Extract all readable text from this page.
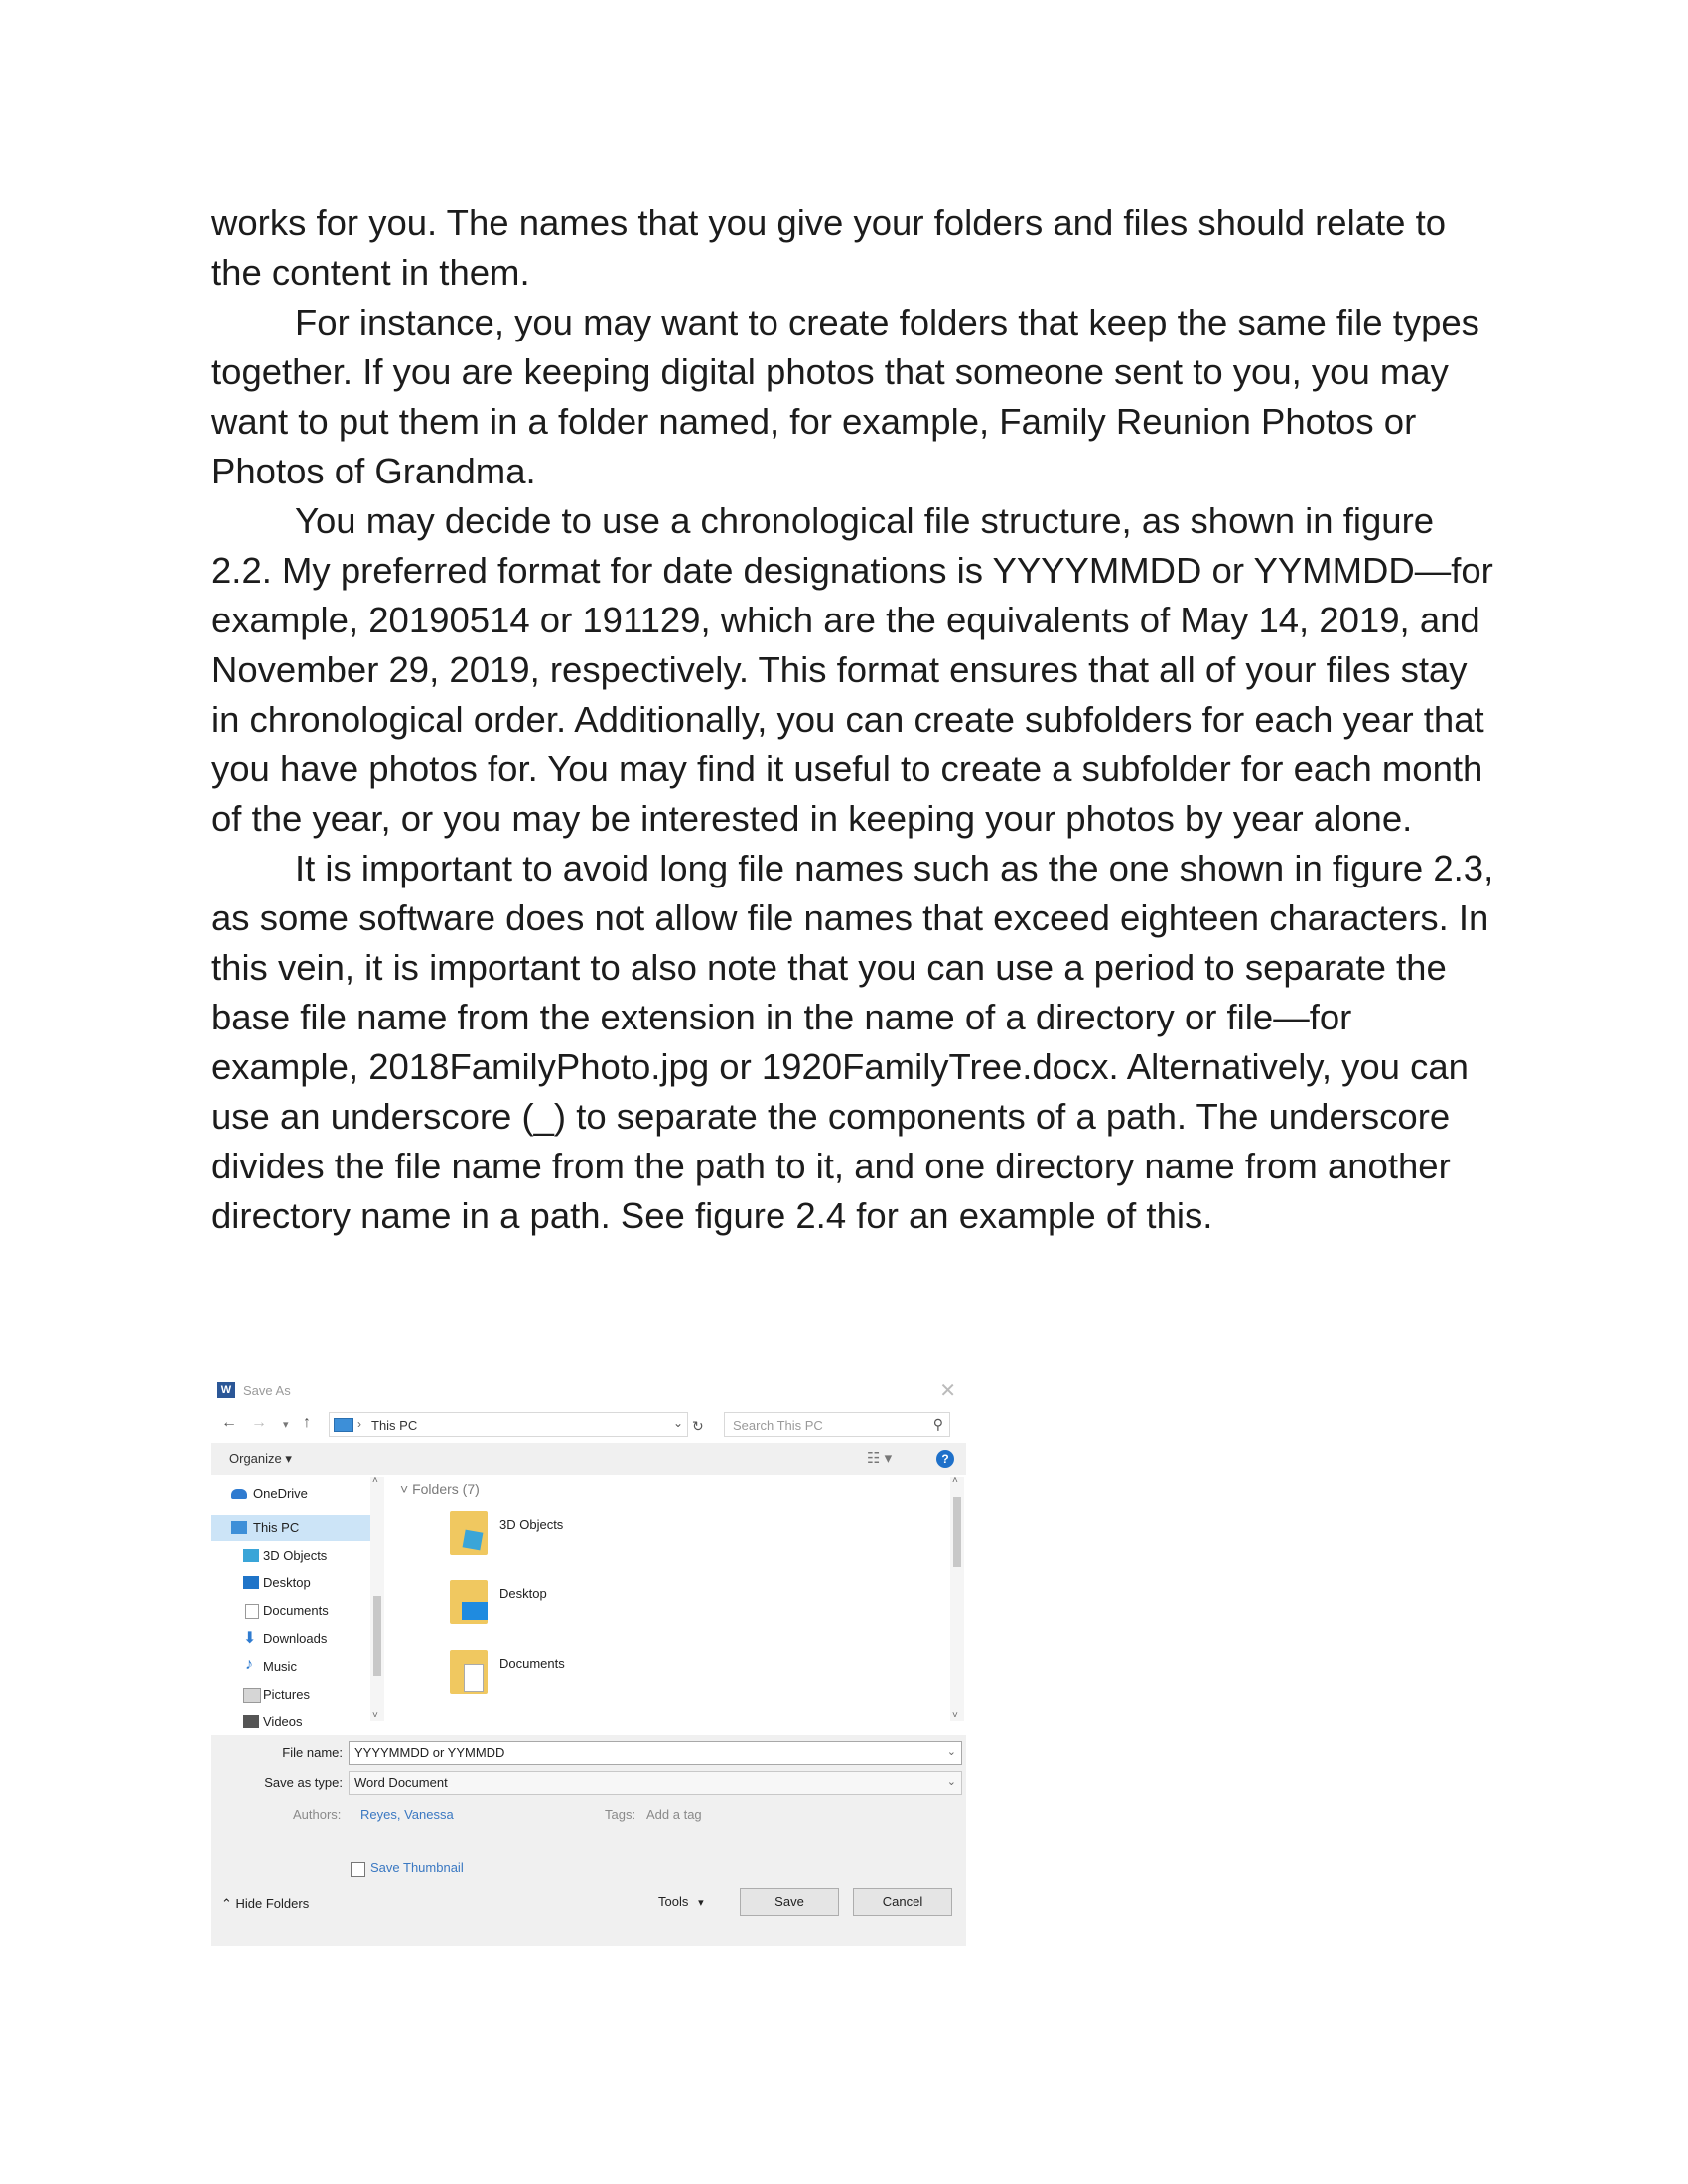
works for you. The names that you give your folders and files should relate to the content in them.

For instance, you may want to create folders that keep the same file types together. If you are keeping digital photos that someone sent to you, you may want to put them in a folder named, for example, Family Reunion Photos or Photos of Grandma.

You may decide to use a chronological file structure, as shown in figure 2.2. My preferred format for date designations is YYYYMMDD or YYMMDD—for example, 20190514 or 191129, which are the equivalents of May 14, 2019, and November 29, 2019, respectively. This format ensures that all of your files stay in chronological order. Additionally, you can create subfolders for each year that you have photos for. You may find it useful to create a subfolder for each month of the year, or you may be interested in keeping your photos by year alone.

It is important to avoid long file names such as the one shown in figure 2.3, as some software does not allow file names that exceed eighteen characters. In this vein, it is important to also note that you can use a period to separate the base file name from the extension in the name of a directory or file—for example, 2018FamilyPhoto.jpg or 1920FamilyTree.docx. Alternatively, you can use an underscore (_) to separate the components of a path. The underscore divides the file name from the path to it, and one directory name from another directory name in a path. See figure 2.4 for an example of this.

W Save As	✕
← → ▾ ↑	› This PC	⌄ ↻ Search This PC	⚲
Organize ▾	☷ ▾	?
OneDrive
This PC
3D Objects
Desktop
Documents
⬇ Downloads
♪ Music
Pictures
Videos
˄
˅
˅ Folders (7)
3D Objects
Desktop
Documents
˄
˅
File name: YYYYMMDD or YYMMDD	⌄
Save as type: Word Document	⌄
Authors: Reyes, Vanessa	Tags: Add a tag
Save Thumbnail
⌃ Hide Folders	Tools   ▾	Save	Cancel
